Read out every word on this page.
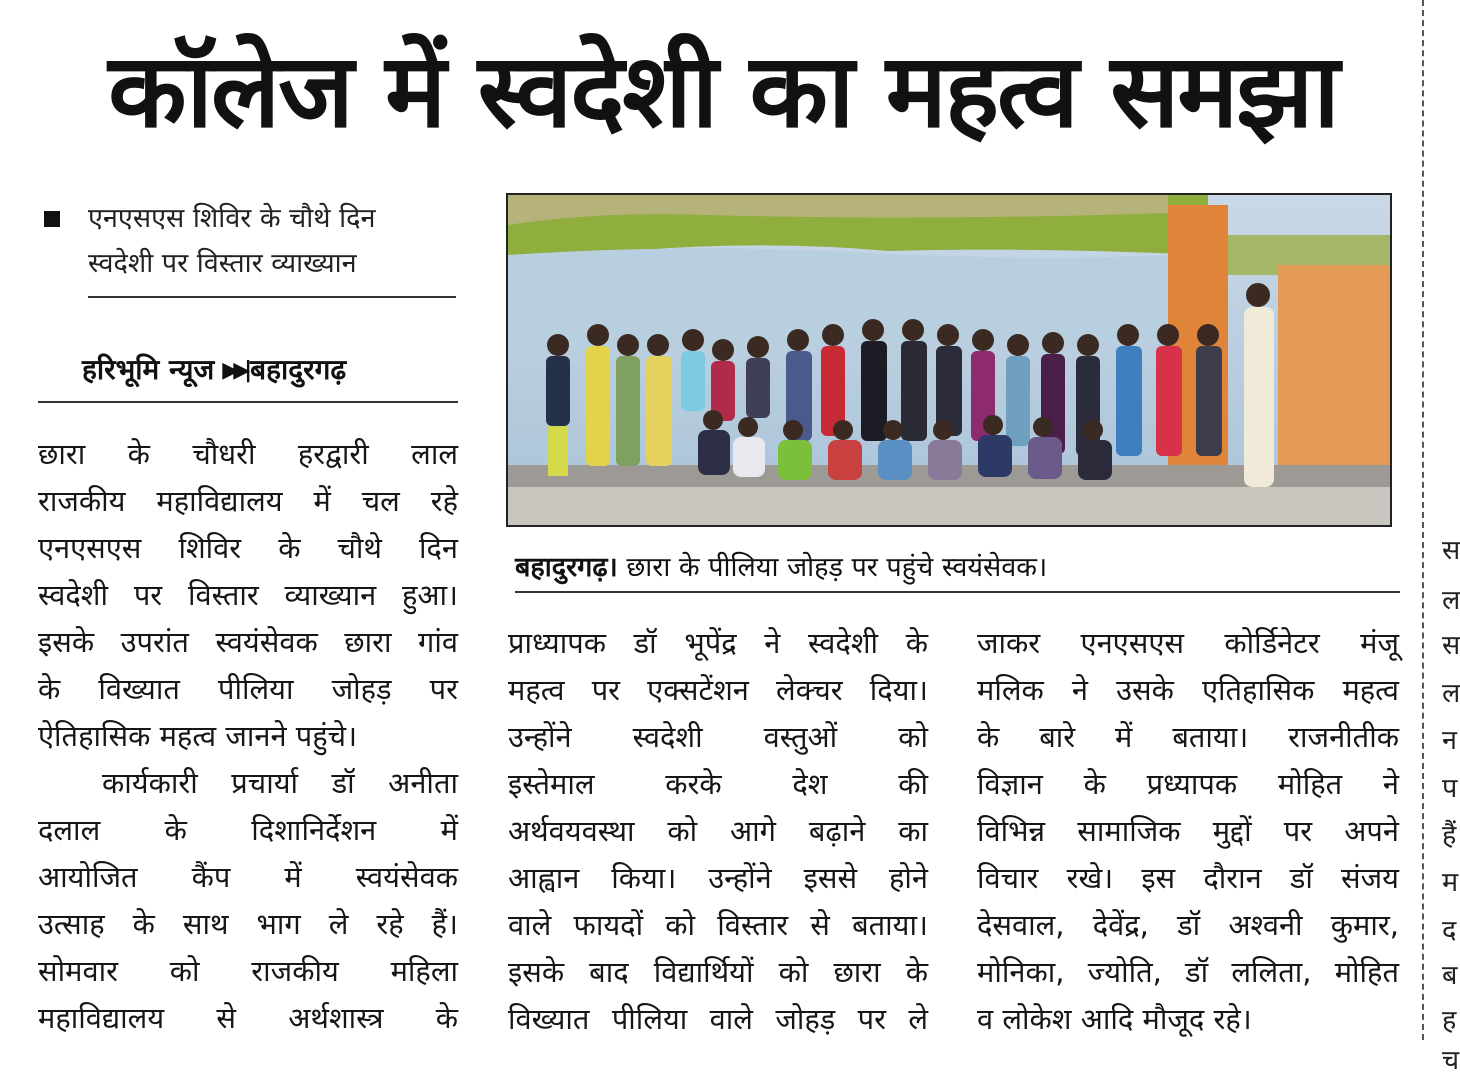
कॉलेज में स्वदेशी का महत्व समझा
एनएसएस शिविर के चौथे दिन
स्वदेशी पर विस्तार व्याख्यान
हरिभूमि न्यूज ▶▶| बहादुरगढ़
छारा के चौधरी हरद्वारी लाल
राजकीय महाविद्यालय में चल रहे
एनएसएस शिविर के चौथे दिन
स्वदेशी पर विस्तार व्याख्यान हुआ।
इसके उपरांत स्वयंसेवक छारा गांव
के विख्यात पीलिया जोहड़ पर
ऐतिहासिक महत्व जानने पहुंचे।
कार्यकारी प्रचार्या डॉ अनीता
दलाल के दिशानिर्देशन में
आयोजित कैंप में स्वयंसेवक
उत्साह के साथ भाग ले रहे हैं।
सोमवार को राजकीय महिला
महाविद्यालय से अर्थशास्त्र के
बहादुरगढ़। छारा के पीलिया जोहड़ पर पहुंचे स्वयंसेवक।
प्राध्यापक डॉ भूपेंद्र ने स्वदेशी के
महत्व पर एक्सटेंशन लेक्चर दिया।
उन्होंने स्वदेशी वस्तुओं को
इस्तेमाल करके देश की
अर्थवयवस्था को आगे बढ़ाने का
आह्वान किया। उन्होंने इससे होने
वाले फायदों को विस्तार से बताया।
इसके बाद विद्यार्थियों को छारा के
विख्यात पीलिया वाले जोहड़ पर ले
जाकर एनएसएस कोर्डिनेटर मंजू
मलिक ने उसके एतिहासिक महत्व
के बारे में बताया। राजनीतीक
विज्ञान के प्रध्यापक मोहित ने
विभिन्न सामाजिक मुद्दों पर अपने
विचार रखे। इस दौरान डॉ संजय
देसवाल, देवेंद्र, डॉ अश्वनी कुमार,
मोनिका, ज्योति, डॉ ललिता, मोहित
व लोकेश आदि मौजूद रहे।
स
ल
स
ल
न
प
हैं
म
द
ब
ह
च
